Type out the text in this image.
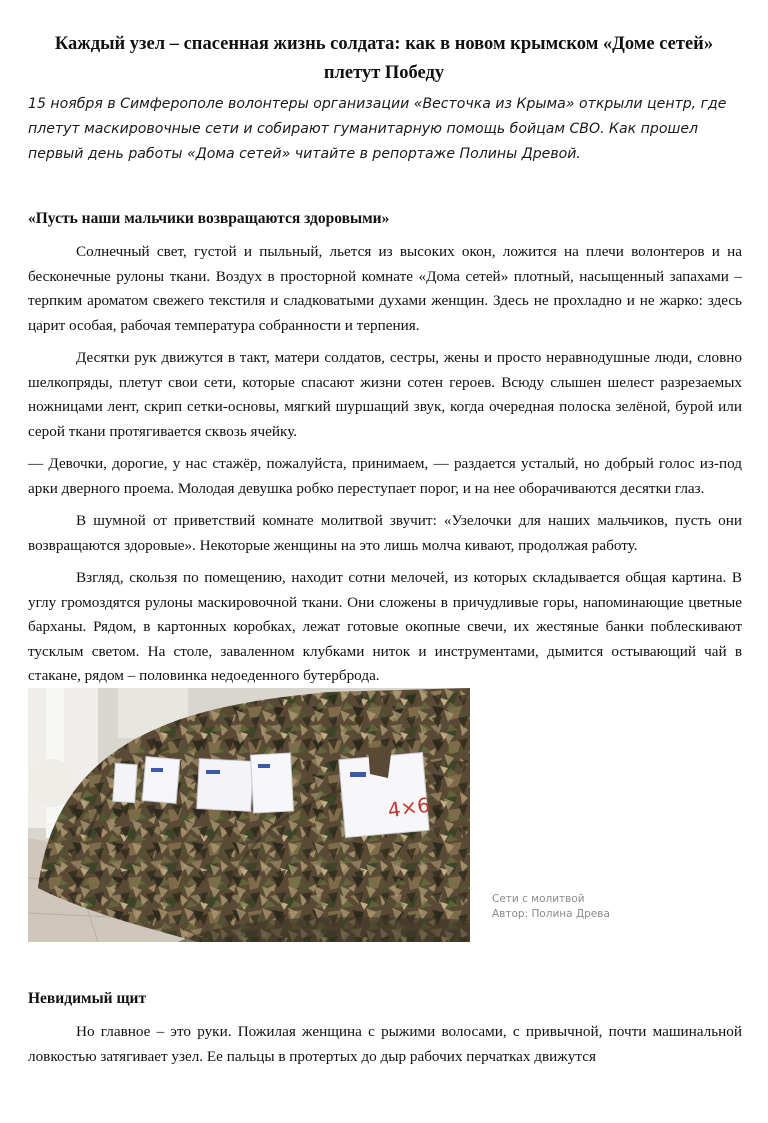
Каждый узел – спасенная жизнь солдата: как в новом крымском «Доме сетей» плетут Победу
15 ноября в Симферополе волонтеры организации «Весточка из Крыма» открыли центр, где плетут маскировочные сети и собирают гуманитарную помощь бойцам СВО. Как прошел первый день работы «Дома сетей» читайте в репортаже Полины Древой.
«Пусть наши мальчики возвращаются здоровыми»

Солнечный свет, густой и пыльный, льется из высоких окон, ложится на плечи волонтеров и на бесконечные рулоны ткани. Воздух в просторной комнате «Дома сетей» плотный, насыщенный запахами – терпким ароматом свежего текстиля и сладковатыми духами женщин. Здесь не прохладно и не жарко: здесь царит особая, рабочая температура собранности и терпения.

Десятки рук движутся в такт, матери солдатов, сестры, жены и просто неравнодушные люди, словно шелкопряды, плетут свои сети, которые спасают жизни сотен героев. Всюду слышен шелест разрезаемых ножницами лент, скрип сетки-основы, мягкий шуршащий звук, когда очередная полоска зелёной, бурой или серой ткани протягивается сквозь ячейку.

— Девочки, дорогие, у нас стажёр, пожалуйста, принимаем, — раздается усталый, но добрый голос из-под арки дверного проема. Молодая девушка робко переступает порог, и на нее оборачиваются десятки глаз.

В шумной от приветствий комнате молитвой звучит: «Узелочки для наших мальчиков, пусть они возвращаются здоровые». Некоторые женщины на это лишь молча кивают, продолжая работу.

Взгляд, скользя по помещению, находит сотни мелочей, из которых складывается общая картина. В углу громоздятся рулоны маскировочной ткани. Они сложены в причудливые горы, напоминающие цветные барханы. Рядом, в картонных коробках, лежат готовые окопные свечи, их жестяные банки поблескивают тусклым светом. На столе, заваленном клубками ниток и инструментами, дымится остывающий чай в стакане, рядом – половинка недоеденного бутерброда.

4×6
Сети с молитвой
Автор: Полина Древа
Невидимый щит

Но главное – это руки. Пожилая женщина с рыжими волосами, с привычной, почти машинальной ловкостью затягивает узел. Ее пальцы в протертых до дыр рабочих перчатках движутся
